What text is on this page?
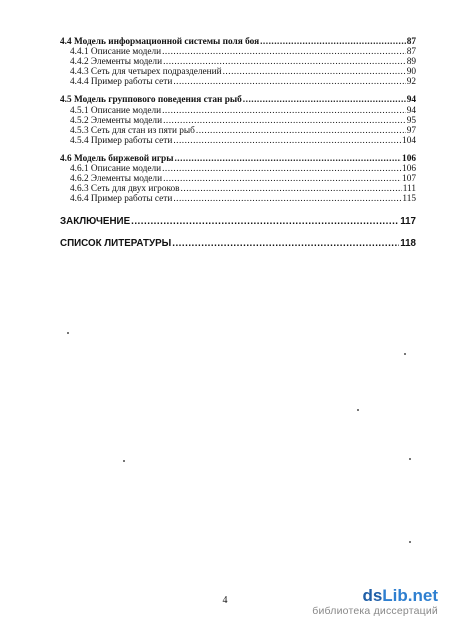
4.4 Модель информационной системы поля боя .....	87
4.4.1 Описание модели .....	87
4.4.2 Элементы модели .....	89
4.4.3 Сеть для четырех подразделений .....	90
4.4.4 Пример работы сети .....	92
4.5 Модель группового поведения стан рыб .....	94
4.5.1 Описание модели .....	94
4.5.2 Элементы модели .....	95
4.5.3 Сеть для стан из пяти рыб .....	97
4.5.4 Пример работы сети .....	104
4.6 Модель биржевой игры .....	106
4.6.1 Описание модели .....	106
4.6.2 Элементы модели .....	107
4.6.3 Сеть для двух игроков .....	111
4.6.4 Пример работы сети .....	115
ЗАКЛЮЧЕНИЕ .....	117
СПИСОК ЛИТЕРАТУРЫ .....	118
4	dsLib.net
библиотека диссертаций
